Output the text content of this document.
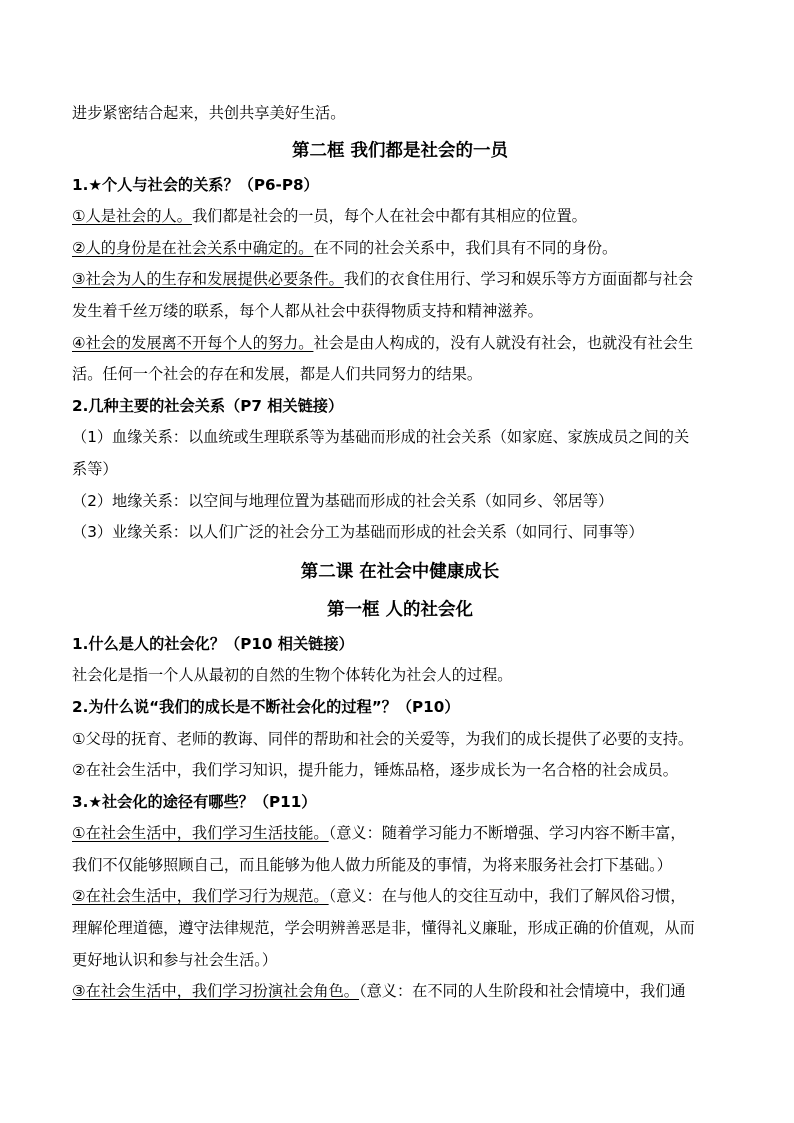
进步紧密结合起来，共创共享美好生活。
第二框 我们都是社会的一员
1.★个人与社会的关系？（P6-P8）
①人是社会的人。我们都是社会的一员，每个人在社会中都有其相应的位置。
②人的身份是在社会关系中确定的。在不同的社会关系中，我们具有不同的身份。
③社会为人的生存和发展提供必要条件。我们的衣食住用行、学习和娱乐等方方面面都与社会
发生着千丝万缕的联系，每个人都从社会中获得物质支持和精神滋养。
④社会的发展离不开每个人的努力。社会是由人构成的，没有人就没有社会，也就没有社会生
活。任何一个社会的存在和发展，都是人们共同努力的结果。
2.几种主要的社会关系（P7 相关链接）
（1）血缘关系：以血统或生理联系等为基础而形成的社会关系（如家庭、家族成员之间的关
系等）
（2）地缘关系：以空间与地理位置为基础而形成的社会关系（如同乡、邻居等）
（3）业缘关系：以人们广泛的社会分工为基础而形成的社会关系（如同行、同事等）
第二课 在社会中健康成长
第一框 人的社会化
1.什么是人的社会化？（P10 相关链接）
社会化是指一个人从最初的自然的生物个体转化为社会人的过程。
2.为什么说“我们的成长是不断社会化的过程”？（P10）
①父母的抚育、老师的教诲、同伴的帮助和社会的关爱等，为我们的成长提供了必要的支持。
②在社会生活中，我们学习知识，提升能力，锤炼品格，逐步成长为一名合格的社会成员。
3.★社会化的途径有哪些？（P11）
①在社会生活中，我们学习生活技能。（意义：随着学习能力不断增强、学习内容不断丰富，
我们不仅能够照顾自己，而且能够为他人做力所能及的事情，为将来服务社会打下基础。）
②在社会生活中，我们学习行为规范。（意义：在与他人的交往互动中，我们了解风俗习惯，
理解伦理道德，遵守法律规范，学会明辨善恶是非，懂得礼义廉耻，形成正确的价值观，从而
更好地认识和参与社会生活。）
③在社会生活中，我们学习扮演社会角色。（意义：在不同的人生阶段和社会情境中，我们通
